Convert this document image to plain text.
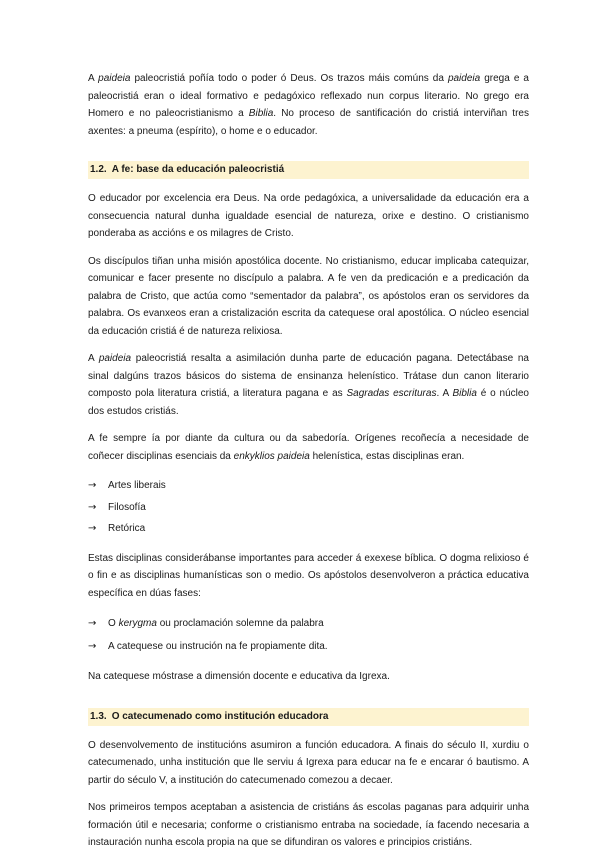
A paideia paleocristiá poñía todo o poder ó Deus. Os trazos máis comúns da paideia grega e a paleocristiá eran o ideal formativo e pedagóxico reflexado nun corpus literario. No grego era Homero e no paleocristianismo a Biblia. No proceso de santificación do cristiá interviñan tres axentes: a pneuma (espírito), o home e o educador.

1.2. A fe: base da educación paleocristiá

O educador por excelencia era Deus. Na orde pedagóxica, a universalidade da educación era a consecuencia natural dunha igualdade esencial de natureza, orixe e destino. O cristianismo ponderaba as accións e os milagres de Cristo.

Os discípulos tiñan unha misión apostólica docente. No cristianismo, educar implicaba catequizar, comunicar e facer presente no discípulo a palabra. A fe ven da predicación e a predicación da palabra de Cristo, que actúa como “sementador da palabra”, os apóstolos eran os servidores da palabra. Os evanxeos eran a cristalización escrita da catequese oral apostólica. O núcleo esencial da educación cristiá é de natureza relixiosa.

A paideia paleocristiá resalta a asimilación dunha parte de educación pagana. Detectábase na sinal dalgúns trazos básicos do sistema de ensinanza helenístico. Trátase dun canon literario composto pola literatura cristiá, a literatura pagana e as Sagradas escrituras. A Biblia é o núcleo dos estudos cristiás.

A fe sempre ía por diante da cultura ou da sabedoría. Orígenes recoñecía a necesidade de coñecer disciplinas esenciais da enkyklios paideia helenística, estas disciplinas eran.

→ Artes liberais
→ Filosofía
→ Retórica

Estas disciplinas considerábanse importantes para acceder á exexese bíblica. O dogma relixioso é o fin e as disciplinas humanísticas son o medio. Os apóstolos desenvolveron a práctica educativa específica en dúas fases:

→ O kerygma ou proclamación solemne da palabra
→ A catequese ou instrución na fe propiamente dita.

Na catequese móstrase a dimensión docente e educativa da Igrexa.

1.3. O catecumenado como institución educadora

O desenvolvemento de institucións asumiron a función educadora. A finais do século II, xurdiu o catecumenado, unha institución que lle serviu á Igrexa para educar na fe e encarar ó bautismo. A partir do século V, a institución do catecumenado comezou a decaer.

Nos primeiros tempos aceptaban a asistencia de cristiáns ás escolas paganas para adquirir unha formación útil e necesaria; conforme o cristianismo entraba na sociedade, ía facendo necesaria a instauración nunha escola propia na que se difundiran os valores e principios cristiáns.
